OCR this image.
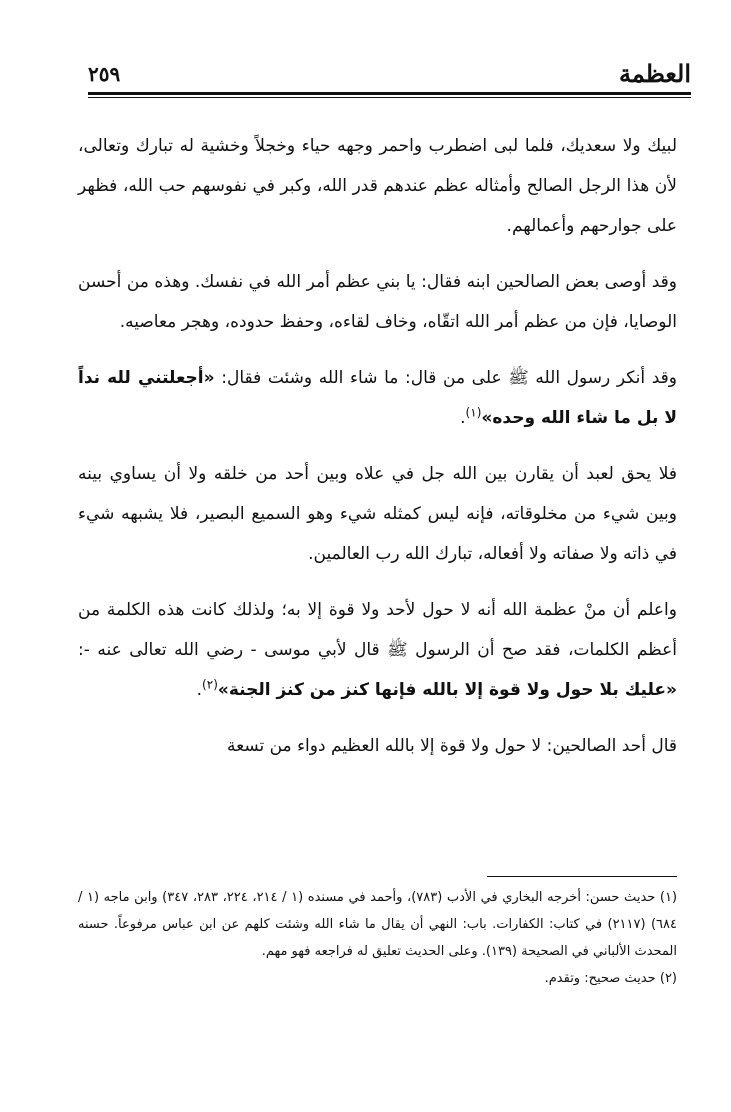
العظمة
٢٥٩

لبيك ولا سعديك، فلما لبى اضطرب واحمر وجهه حياء وخجلاً وخشية له تبارك وتعالى، لأن هذا الرجل الصالح وأمثاله عظم عندهم قدر الله، وكبر في نفوسهم حب الله، فظهر على جوارحهم وأعمالهم.

وقد أوصى بعض الصالحين ابنه فقال: يا بني عظم أمر الله في نفسك. وهذه من أحسن الوصايا، فإن من عظم أمر الله اتقّاه، وخاف لقاءه، وحفظ حدوده، وهجر معاصيه.

وقد أنكر رسول الله ﷺ على من قال: ما شاء الله وشئت فقال: «أجعلتني لله نداً لا بل ما شاء الله وحده»$^{(١)}$.

فلا يحق لعبد أن يقارن بين الله جل في علاه وبين أحد من خلقه ولا أن يساوي بينه وبين شيء من مخلوقاته، فإنه ليس كمثله شيء وهو السميع البصير، فلا يشبهه شيء في ذاته ولا صفاته ولا أفعاله، تبارك الله رب العالمين.

واعلم أن منْ عظمة الله أنه لا حول لأحد ولا قوة إلا به؛ ولذلك كانت هذه الكلمة من أعظم الكلمات، فقد صح أن الرسول ﷺ قال لأبي موسى - رضي الله تعالى عنه -: «عليك بلا حول ولا قوة إلا بالله فإنها كنز من كنز الجنة»$^{(٢)}$.

قال أحد الصالحين: لا حول ولا قوة إلا بالله العظيم دواء من تسعة

(١) حديث حسن: أخرجه البخاري في الأدب (٧٨٣)، وأحمد في مسنده (١ / ٢١٤، ٢٢٤، ٢٨٣، ٣٤٧) وابن ماجه (١ / ٦٨٤) (٢١١٧) في كتاب: الكفارات. باب: النهي أن يقال ما شاء الله وشئت كلهم عن ابن عباس مرفوعاً. حسنه المحدث الألباني في الصحيحة (١٣٩). وعلى الحديث تعليق له فراجعه فهو مهم.

(٢) حديث صحيح: وتقدم.
